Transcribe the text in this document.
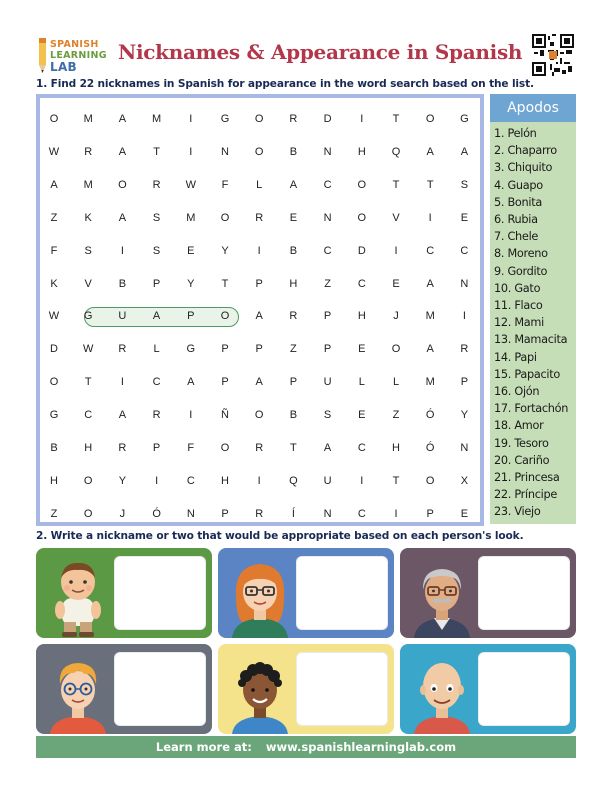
SPANISH
LEARNING
LAB
Nicknames & Appearance in Spanish
1. Find 22 nicknames in Spanish for appearance in the word search based on the list.
O	M	A	M	I	G	O	R	D	I	T	O	G
W	R	A	T	I	N	O	B	N	H	Q	A	A
A	M	O	R	W	F	L	A	C	O	T	T	S
Z	K	A	S	M	O	R	E	N	O	V	I	E
F	S	I	S	E	Y	I	B	C	D	I	C	C
K	V	B	P	Y	T	P	H	Z	C	E	A	N
W	G	U	A	P	O	A	R	P	H	J	M	I
D	W	R	L	G	P	P	Z	P	E	O	A	R
O	T	I	C	A	P	A	P	U	L	L	M	P
G	C	A	R	I	Ñ	O	B	S	E	Z	Ó	Y
B	H	R	P	F	O	R	T	A	C	H	Ó	N
H	O	Y	I	C	H	I	Q	U	I	T	O	X
Z	O	J	Ó	N	P	R	Í	N	C	I	P	E
Apodos
1. Pelón
2. Chaparro
3. Chiquito
4. Guapo
5. Bonita
6. Rubia
7. Chele
8. Moreno
9. Gordito
10. Gato
11. Flaco
12. Mami
13. Mamacita
14. Papi
15. Papacito
16. Ojón
17. Fortachón
18. Amor
19. Tesoro
20. Cariño
21. Princesa
22. Príncipe
23. Viejo
2. Write a nickname or two that would be appropriate based on each person's look.
Learn more at: www.spanishlearninglab.com
